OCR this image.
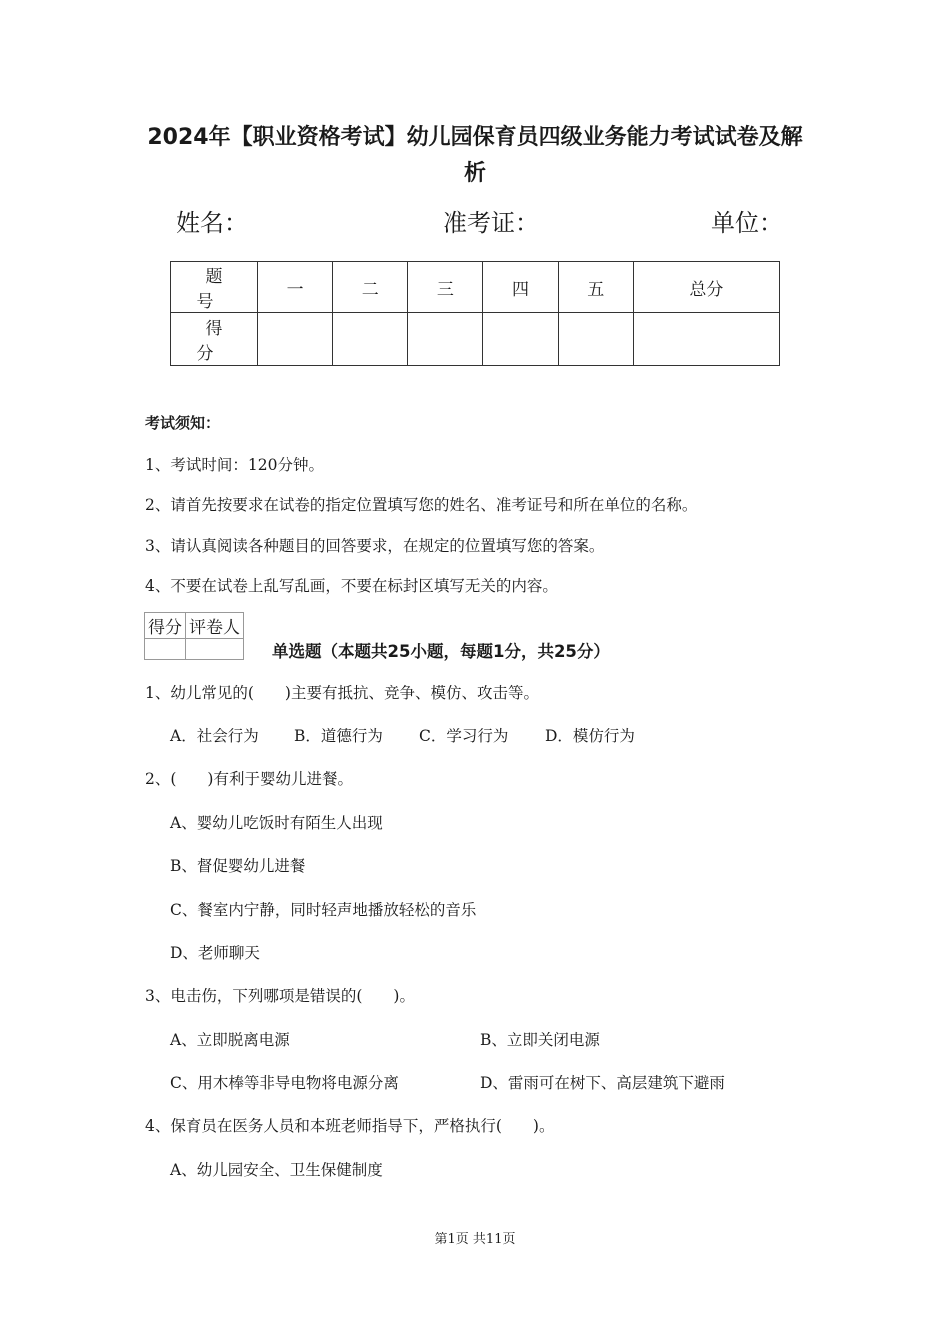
2024年【职业资格考试】幼儿园保育员四级业务能力考试试卷及解
析
姓名：	准考证：	单位：
题 号	一	二	三	四	五	总分
得 分						
考试须知：
1、考试时间：120分钟。
2、请首先按要求在试卷的指定位置填写您的姓名、准考证号和所在单位的名称。
3、请认真阅读各种题目的回答要求，在规定的位置填写您的答案。
4、不要在试卷上乱写乱画，不要在标封区填写无关的内容。
得分	评卷人

单选题（本题共25小题，每题1分，共25分）
1、幼儿常见的(　　)主要有抵抗、竞争、模仿、攻击等。
A．社会行为 B．道德行为 C．学习行为 D．模仿行为
2、(　　)有利于婴幼儿进餐。
A、婴幼儿吃饭时有陌生人出现
B、督促婴幼儿进餐
C、餐室内宁静，同时轻声地播放轻松的音乐
D、老师聊天
3、电击伤，下列哪项是错误的(　　)。
A、立即脱离电源	B、立即关闭电源
C、用木棒等非导电物将电源分离	D、雷雨可在树下、高层建筑下避雨
4、保育员在医务人员和本班老师指导下，严格执行(　　)。
A、幼儿园安全、卫生保健制度
第1页 共11页
